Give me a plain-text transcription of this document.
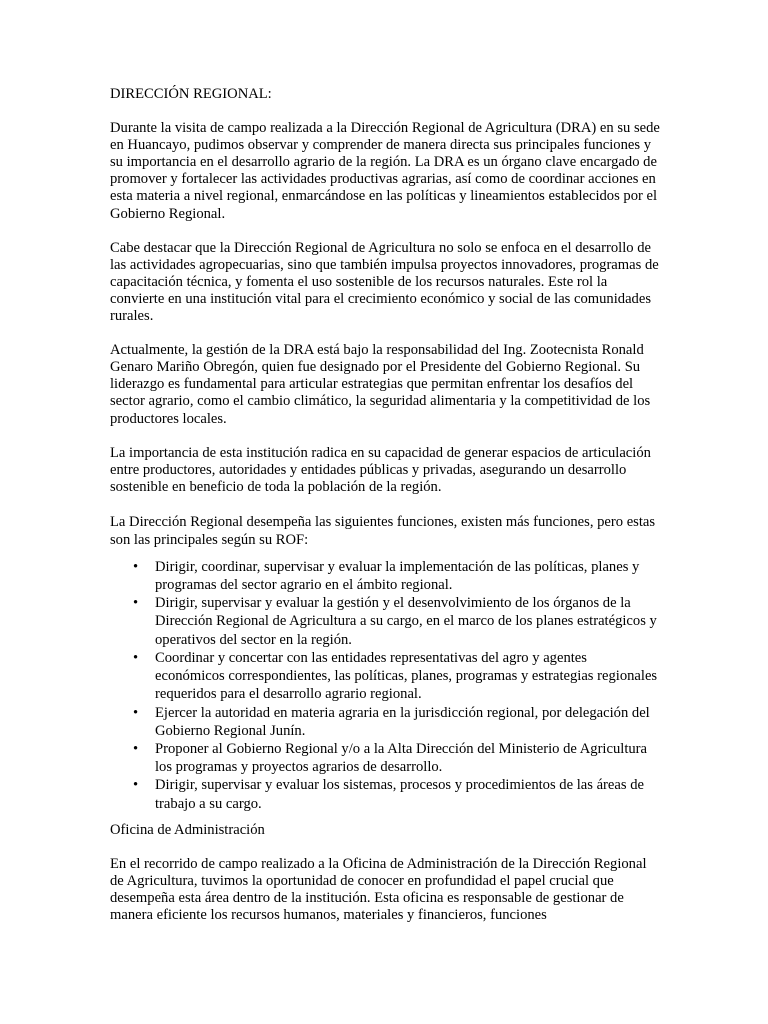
DIRECCIÓN REGIONAL:

Durante la visita de campo realizada a la Dirección Regional de Agricultura (DRA) en su sede en Huancayo, pudimos observar y comprender de manera directa sus principales funciones y su importancia en el desarrollo agrario de la región. La DRA es un órgano clave encargado de promover y fortalecer las actividades productivas agrarias, así como de coordinar acciones en esta materia a nivel regional, enmarcándose en las políticas y lineamientos establecidos por el Gobierno Regional.

Cabe destacar que la Dirección Regional de Agricultura no solo se enfoca en el desarrollo de las actividades agropecuarias, sino que también impulsa proyectos innovadores, programas de capacitación técnica, y fomenta el uso sostenible de los recursos naturales. Este rol la convierte en una institución vital para el crecimiento económico y social de las comunidades rurales.

Actualmente, la gestión de la DRA está bajo la responsabilidad del Ing. Zootecnista Ronald Genaro Mariño Obregón, quien fue designado por el Presidente del Gobierno Regional. Su liderazgo es fundamental para articular estrategias que permitan enfrentar los desafíos del sector agrario, como el cambio climático, la seguridad alimentaria y la competitividad de los productores locales.

La importancia de esta institución radica en su capacidad de generar espacios de articulación entre productores, autoridades y entidades públicas y privadas, asegurando un desarrollo sostenible en beneficio de toda la población de la región.

La Dirección Regional desempeña las siguientes funciones, existen más funciones, pero estas son las principales según su ROF:

• Dirigir, coordinar, supervisar y evaluar la implementación de las políticas, planes y programas del sector agrario en el ámbito regional.
• Dirigir, supervisar y evaluar la gestión y el desenvolvimiento de los órganos de la Dirección Regional de Agricultura a su cargo, en el marco de los planes estratégicos y operativos del sector en la región.
• Coordinar y concertar con las entidades representativas del agro y agentes económicos correspondientes, las políticas, planes, programas y estrategias regionales requeridos para el desarrollo agrario regional.
• Ejercer la autoridad en materia agraria en la jurisdicción regional, por delegación del Gobierno Regional Junín.
• Proponer al Gobierno Regional y/o a la Alta Dirección del Ministerio de Agricultura los programas y proyectos agrarios de desarrollo.
• Dirigir, supervisar y evaluar los sistemas, procesos y procedimientos de las áreas de trabajo a su cargo.

Oficina de Administración

En el recorrido de campo realizado a la Oficina de Administración de la Dirección Regional de Agricultura, tuvimos la oportunidad de conocer en profundidad el papel crucial que desempeña esta área dentro de la institución. Esta oficina es responsable de gestionar de manera eficiente los recursos humanos, materiales y financieros, funciones
